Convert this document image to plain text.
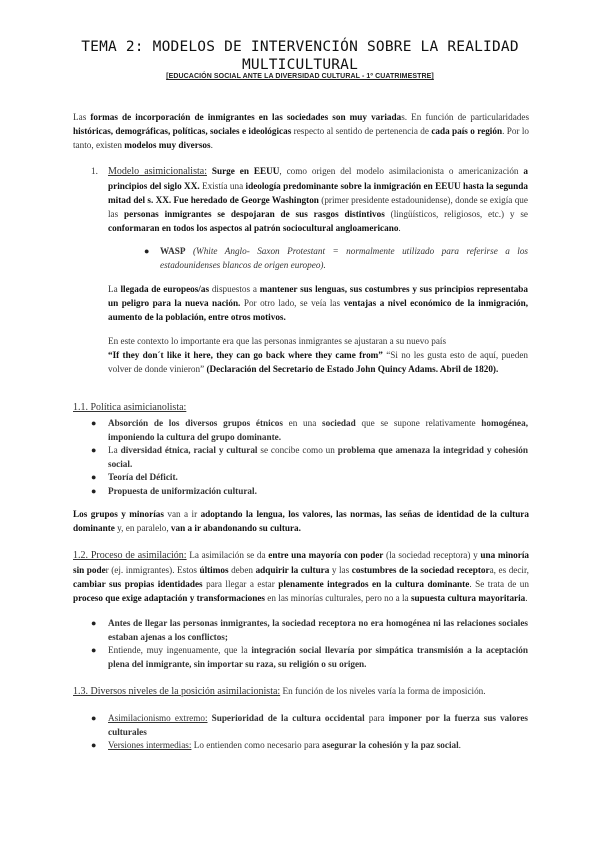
TEMA 2: MODELOS DE INTERVENCIÓN SOBRE LA REALIDAD
MULTICULTURAL
[EDUCACIÓN SOCIAL ANTE LA DIVERSIDAD CULTURAL - 1º CUATRIMESTRE]
Las formas de incorporación de inmigrantes en las sociedades son muy variadas. En función de particularidades históricas, demográficas, políticas, sociales e ideológicas respecto al sentido de pertenencia de cada país o región. Por lo tanto, existen modelos muy diversos.
1. Modelo asimicionalista: Surge en EEUU, como origen del modelo asimilacionista o americanización a principios del siglo XX. Existía una ideología predominante sobre la inmigración en EEUU hasta la segunda mitad del s. XX. Fue heredado de George Washington (primer presidente estadounidense), donde se exigía que las personas inmigrantes se despojaran de sus rasgos distintivos (lingüísticos, religiosos, etc.) y se conformaran en todos los aspectos al patrón sociocultural angloamericano.
● WASP (White Anglo- Saxon Protestant = normalmente utilizado para referirse a los estadounidenses blancos de origen europeo).
La llegada de europeos/as dispuestos a mantener sus lenguas, sus costumbres y sus principios representaba un peligro para la nueva nación. Por otro lado, se veía las ventajas a nivel económico de la inmigración, aumento de la población, entre otros motivos.
En este contexto lo importante era que las personas inmigrantes se ajustaran a su nuevo país
“If they don´t like it here, they can go back where they came from” “Si no les gusta esto de aquí, pueden volver de donde vinieron” (Declaración del Secretario de Estado John Quincy Adams. Abril de 1820).
1.1. Política asimicianolista:
● Absorción de los diversos grupos étnicos en una sociedad que se supone relativamente homogénea, imponiendo la cultura del grupo dominante.
● La diversidad étnica, racial y cultural se concibe como un problema que amenaza la integridad y cohesión social.
● Teoría del Déficit.
● Propuesta de uniformización cultural.
Los grupos y minorías van a ir adoptando la lengua, los valores, las normas, las señas de identidad de la cultura dominante y, en paralelo, van a ir abandonando su cultura.
1.2. Proceso de asimilación: La asimilación se da entre una mayoría con poder (la sociedad receptora) y una minoría sin poder (ej. inmigrantes). Estos últimos deben adquirir la cultura y las costumbres de la sociedad receptora, es decir, cambiar sus propias identidades para llegar a estar plenamente integrados en la cultura dominante. Se trata de un proceso que exige adaptación y transformaciones en las minorías culturales, pero no a la supuesta cultura mayoritaria.
● Antes de llegar las personas inmigrantes, la sociedad receptora no era homogénea ni las relaciones sociales estaban ajenas a los conflictos;
● Entiende, muy ingenuamente, que la integración social llevaría por simpática transmisión a la aceptación plena del inmigrante, sin importar su raza, su religión o su origen.
1.3. Diversos niveles de la posición asimilacionista: En función de los niveles varía la forma de imposición.
● Asimilacionismo extremo: Superioridad de la cultura occidental para imponer por la fuerza sus valores culturales
● Versiones intermedias: Lo entienden como necesario para asegurar la cohesión y la paz social.
